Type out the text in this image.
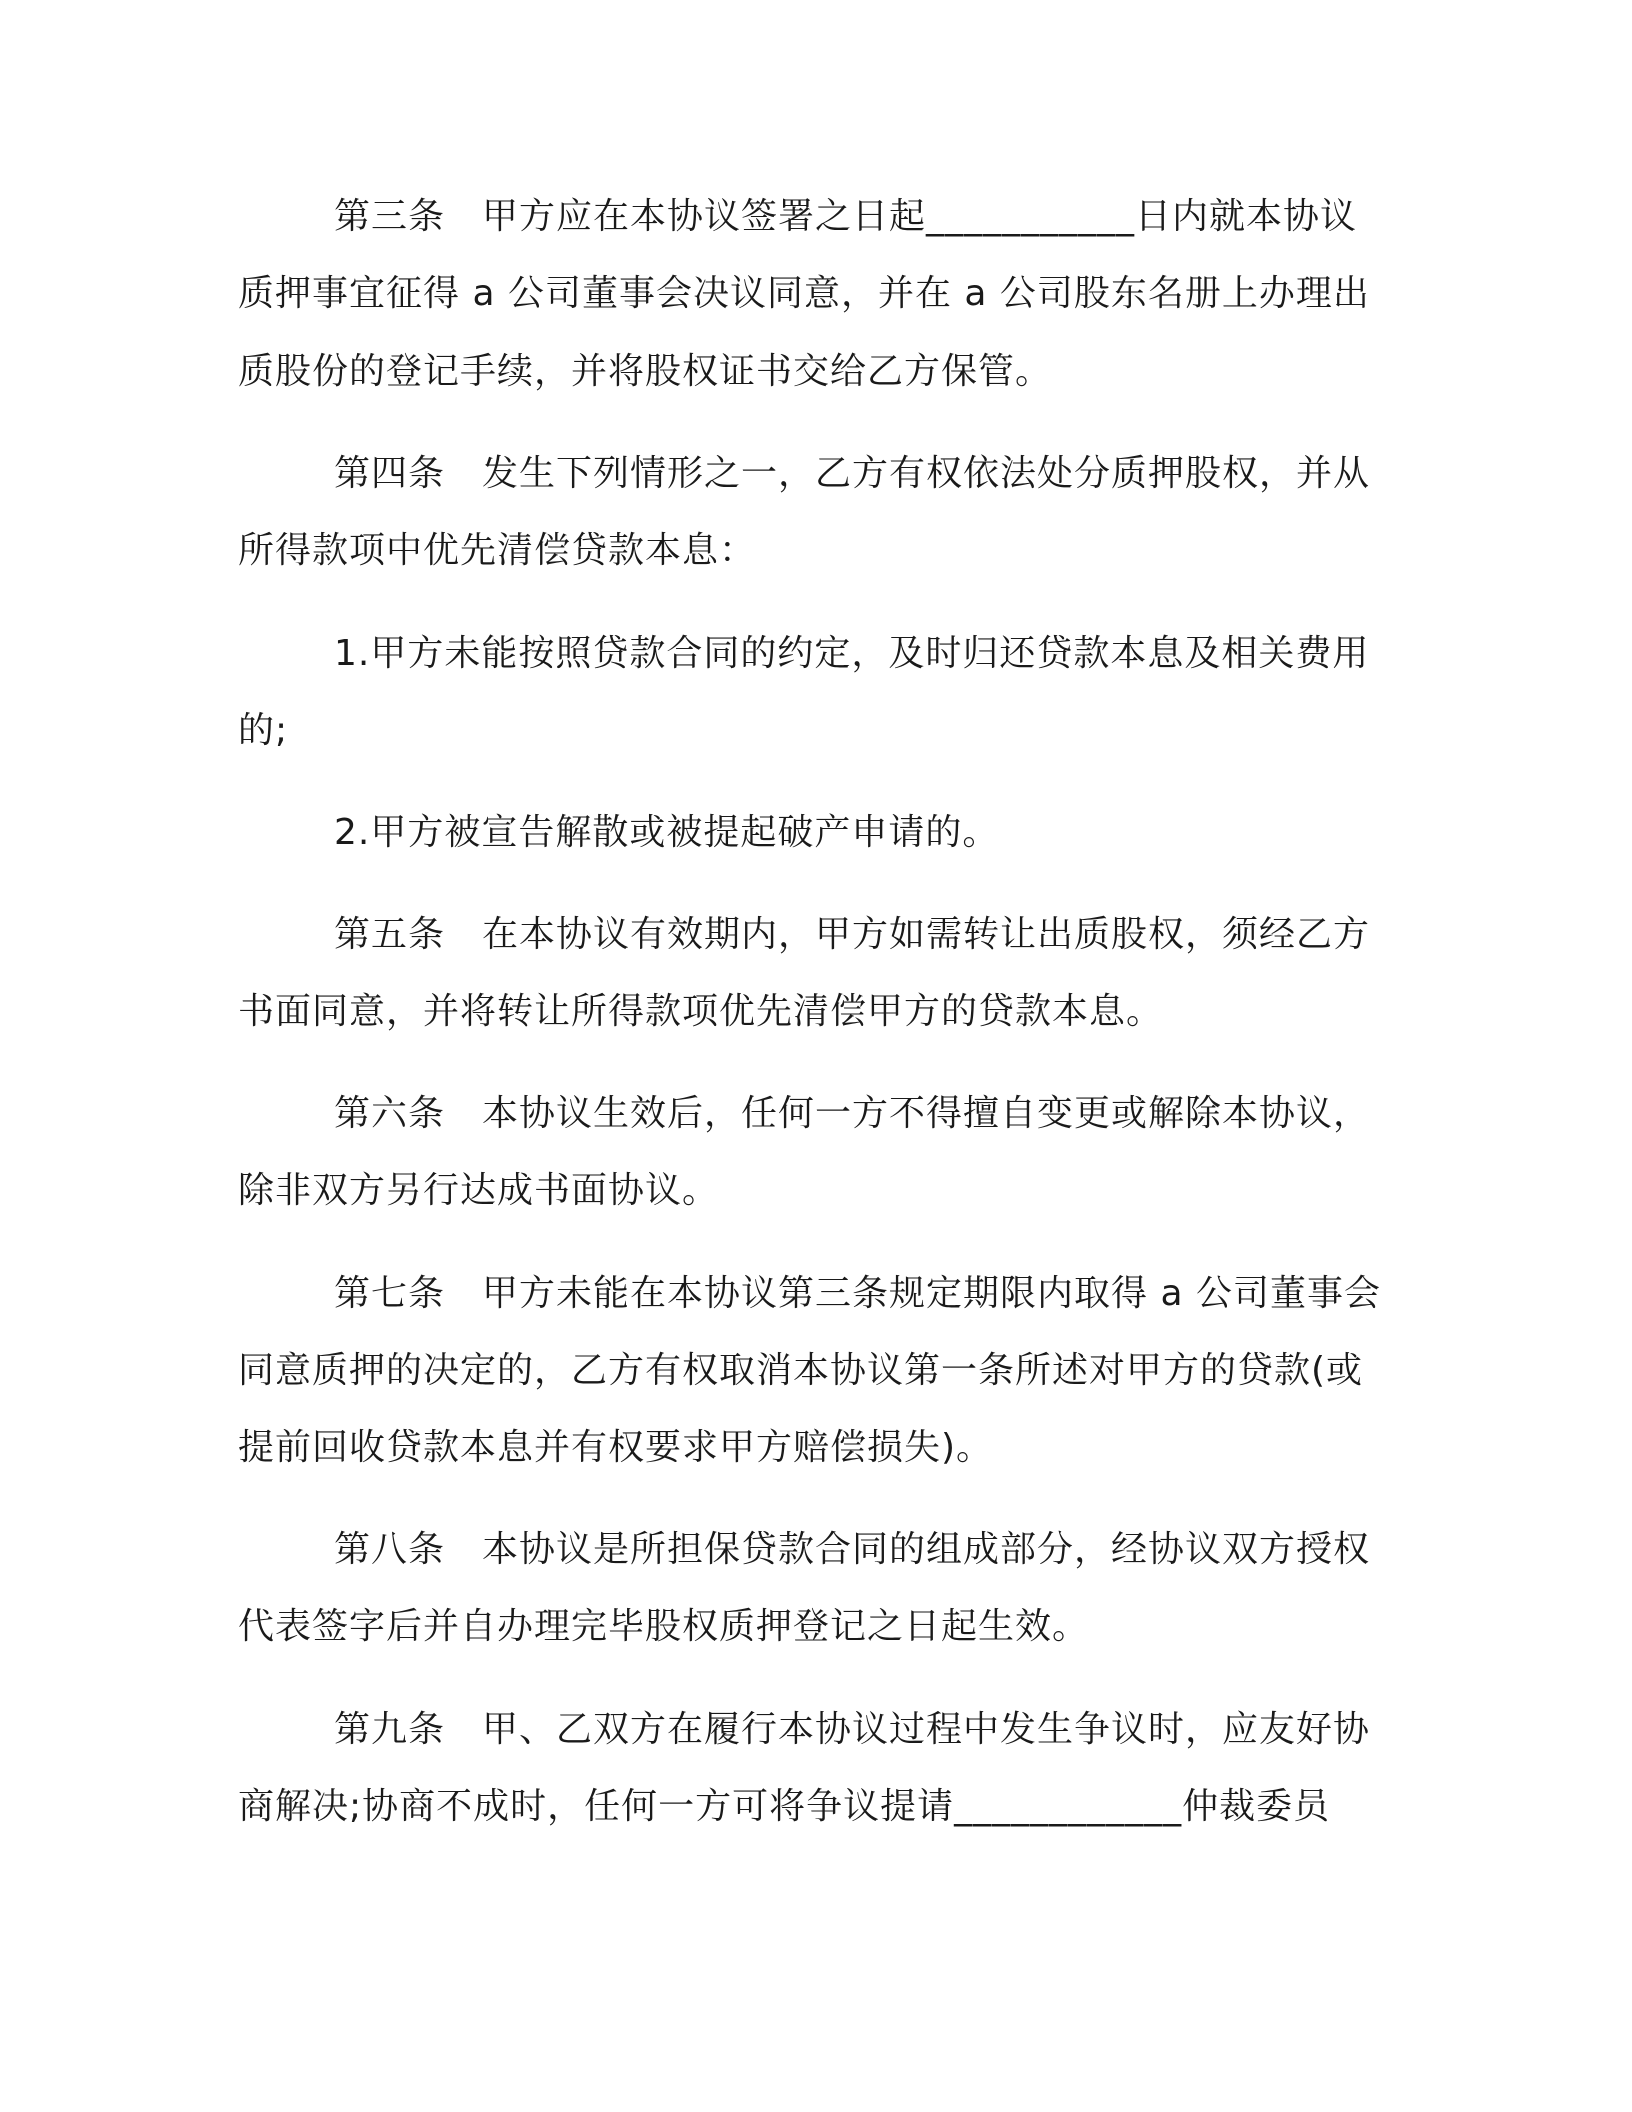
第三条　甲方应在本协议签署之日起___________日内就本协议
质押事宜征得 a 公司董事会决议同意，并在 a 公司股东名册上办理出
质股份的登记手续，并将股权证书交给乙方保管。
第四条　发生下列情形之一，乙方有权依法处分质押股权，并从
所得款项中优先清偿贷款本息：
1.甲方未能按照贷款合同的约定，及时归还贷款本息及相关费用
的;
2.甲方被宣告解散或被提起破产申请的。
第五条　在本协议有效期内，甲方如需转让出质股权，须经乙方
书面同意，并将转让所得款项优先清偿甲方的贷款本息。
第六条　本协议生效后，任何一方不得擅自变更或解除本协议，
除非双方另行达成书面协议。
第七条　甲方未能在本协议第三条规定期限内取得 a 公司董事会
同意质押的决定的，乙方有权取消本协议第一条所述对甲方的贷款(或
提前回收贷款本息并有权要求甲方赔偿损失)。
第八条　本协议是所担保贷款合同的组成部分，经协议双方授权
代表签字后并自办理完毕股权质押登记之日起生效。
第九条　甲、乙双方在履行本协议过程中发生争议时，应友好协
商解决;协商不成时，任何一方可将争议提请____________仲裁委员
